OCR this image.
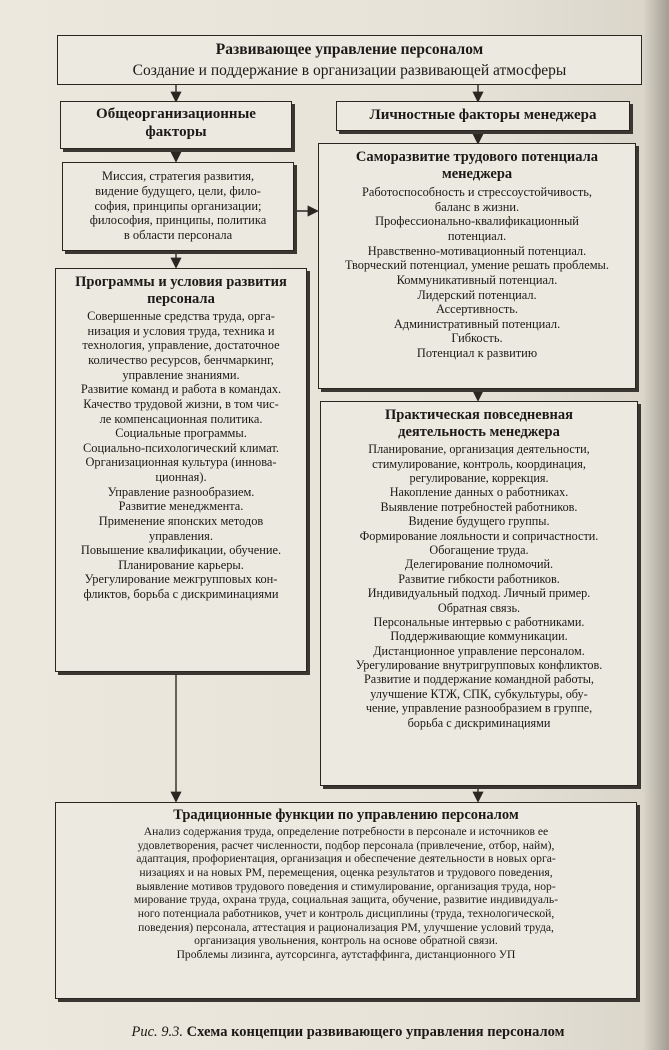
Развивающее управление персоналом
Создание и поддержание в организации развивающей атмосферы
Общеорганизационные
факторы
Личностные факторы менеджера
Миссия, стратегия развития,
видение будущего, цели, фило-
софия, принципы организации;
философия, принципы, политика
в области персонала
Саморазвитие трудового потенциала
менеджера
Работоспособность и стрессоустойчивость,
баланс в жизни.
Профессионально-квалификационный
потенциал.
Нравственно-мотивационный потенциал.
Творческий потенциал, умение решать проблемы.
Коммуникативный потенциал.
Лидерский потенциал.
Ассертивность.
Административный потенциал.
Гибкость.
Потенциал к развитию
Программы и условия развития
персонала
Совершенные средства труда, орга-
низация и условия труда, техника и
технология, управление, достаточное
количество ресурсов, бенчмаркинг,
управление знаниями.
Развитие команд и работа в командах.
Качество трудовой жизни, в том чис-
ле компенсационная политика.
Социальные программы.
Социально-психологический климат.
Организационная культура (иннова-
ционная).
Управление разнообразием.
Развитие менеджмента.
Применение японских методов
управления.
Повышение квалификации, обучение.
Планирование карьеры.
Урегулирование межгрупповых кон-
фликтов, борьба с дискриминациями
Практическая повседневная
деятельность менеджера
Планирование, организация деятельности,
стимулирование, контроль, координация,
регулирование, коррекция.
Накопление данных о работниках.
Выявление потребностей работников.
Видение будущего группы.
Формирование лояльности и сопричастности.
Обогащение труда.
Делегирование полномочий.
Развитие гибкости работников.
Индивидуальный подход. Личный пример.
Обратная связь.
Персональные интервью с работниками.
Поддерживающие коммуникации.
Дистанционное управление персоналом.
Урегулирование внутригрупповых конфликтов.
Развитие и поддержание командной работы,
улучшение КТЖ, СПК, субкультуры, обу-
чение, управление разнообразием в группе,
борьба с дискриминациями
Традиционные функции по управлению персоналом
Анализ содержания труда, определение потребности в персонале и источников ее
удовлетворения, расчет численности, подбор персонала (привлечение, отбор, найм),
адаптация, профориентация, организация и обеспечение деятельности в новых орга-
низациях и на новых РМ, перемещения, оценка результатов и трудового поведения,
выявление мотивов трудового поведения и стимулирование, организация труда, нор-
мирование труда, охрана труда, социальная защита, обучение, развитие индивидуаль-
ного потенциала работников, учет и контроль дисциплины (труда, технологической,
поведения) персонала, аттестация и рационализация РМ, улучшение условий труда,
организация увольнения, контроль на основе обратной связи.
Проблемы лизинга, аутсорсинга, аутстаффинга, дистанционного УП
Рис. 9.3. Схема концепции развивающего управления персоналом
